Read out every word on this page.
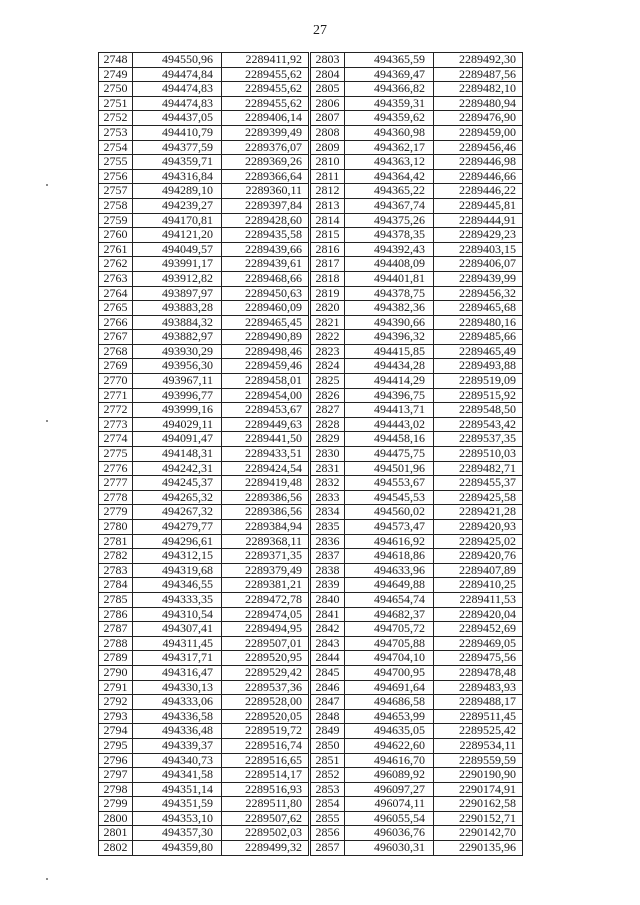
27
2748	494550,96	2289411,92
2749	494474,84	2289455,62
2750	494474,83	2289455,62
2751	494474,83	2289455,62
2752	494437,05	2289406,14
2753	494410,79	2289399,49
2754	494377,59	2289376,07
2755	494359,71	2289369,26
2756	494316,84	2289366,64
2757	494289,10	2289360,11
2758	494239,27	2289397,84
2759	494170,81	2289428,60
2760	494121,20	2289435,58
2761	494049,57	2289439,66
2762	493991,17	2289439,61
2763	493912,82	2289468,66
2764	493897,97	2289450,63
2765	493883,28	2289460,09
2766	493884,32	2289465,45
2767	493882,97	2289490,89
2768	493930,29	2289498,46
2769	493956,30	2289459,46
2770	493967,11	2289458,01
2771	493996,77	2289454,00
2772	493999,16	2289453,67
2773	494029,11	2289449,63
2774	494091,47	2289441,50
2775	494148,31	2289433,51
2776	494242,31	2289424,54
2777	494245,37	2289419,48
2778	494265,32	2289386,56
2779	494267,32	2289386,56
2780	494279,77	2289384,94
2781	494296,61	2289368,11
2782	494312,15	2289371,35
2783	494319,68	2289379,49
2784	494346,55	2289381,21
2785	494333,35	2289472,78
2786	494310,54	2289474,05
2787	494307,41	2289494,95
2788	494311,45	2289507,01
2789	494317,71	2289520,95
2790	494316,47	2289529,42
2791	494330,13	2289537,36
2792	494333,06	2289528,00
2793	494336,58	2289520,05
2794	494336,48	2289519,72
2795	494339,37	2289516,74
2796	494340,73	2289516,65
2797	494341,58	2289514,17
2798	494351,14	2289516,93
2799	494351,59	2289511,80
2800	494353,10	2289507,62
2801	494357,30	2289502,03
2802	494359,80	2289499,32
2803	494365,59	2289492,30
2804	494369,47	2289487,56
2805	494366,82	2289482,10
2806	494359,31	2289480,94
2807	494359,62	2289476,90
2808	494360,98	2289459,00
2809	494362,17	2289456,46
2810	494363,12	2289446,98
2811	494364,42	2289446,66
2812	494365,22	2289446,22
2813	494367,74	2289445,81
2814	494375,26	2289444,91
2815	494378,35	2289429,23
2816	494392,43	2289403,15
2817	494408,09	2289406,07
2818	494401,81	2289439,99
2819	494378,75	2289456,32
2820	494382,36	2289465,68
2821	494390,66	2289480,16
2822	494396,32	2289485,66
2823	494415,85	2289465,49
2824	494434,28	2289493,88
2825	494414,29	2289519,09
2826	494396,75	2289515,92
2827	494413,71	2289548,50
2828	494443,02	2289543,42
2829	494458,16	2289537,35
2830	494475,75	2289510,03
2831	494501,96	2289482,71
2832	494553,67	2289455,37
2833	494545,53	2289425,58
2834	494560,02	2289421,28
2835	494573,47	2289420,93
2836	494616,92	2289425,02
2837	494618,86	2289420,76
2838	494633,96	2289407,89
2839	494649,88	2289410,25
2840	494654,74	2289411,53
2841	494682,37	2289420,04
2842	494705,72	2289452,69
2843	494705,88	2289469,05
2844	494704,10	2289475,56
2845	494700,95	2289478,48
2846	494691,64	2289483,93
2847	494686,58	2289488,17
2848	494653,99	2289511,45
2849	494635,05	2289525,42
2850	494622,60	2289534,11
2851	494616,70	2289559,59
2852	496089,92	2290190,90
2853	496097,27	2290174,91
2854	496074,11	2290162,58
2855	496055,54	2290152,71
2856	496036,76	2290142,70
2857	496030,31	2290135,96
